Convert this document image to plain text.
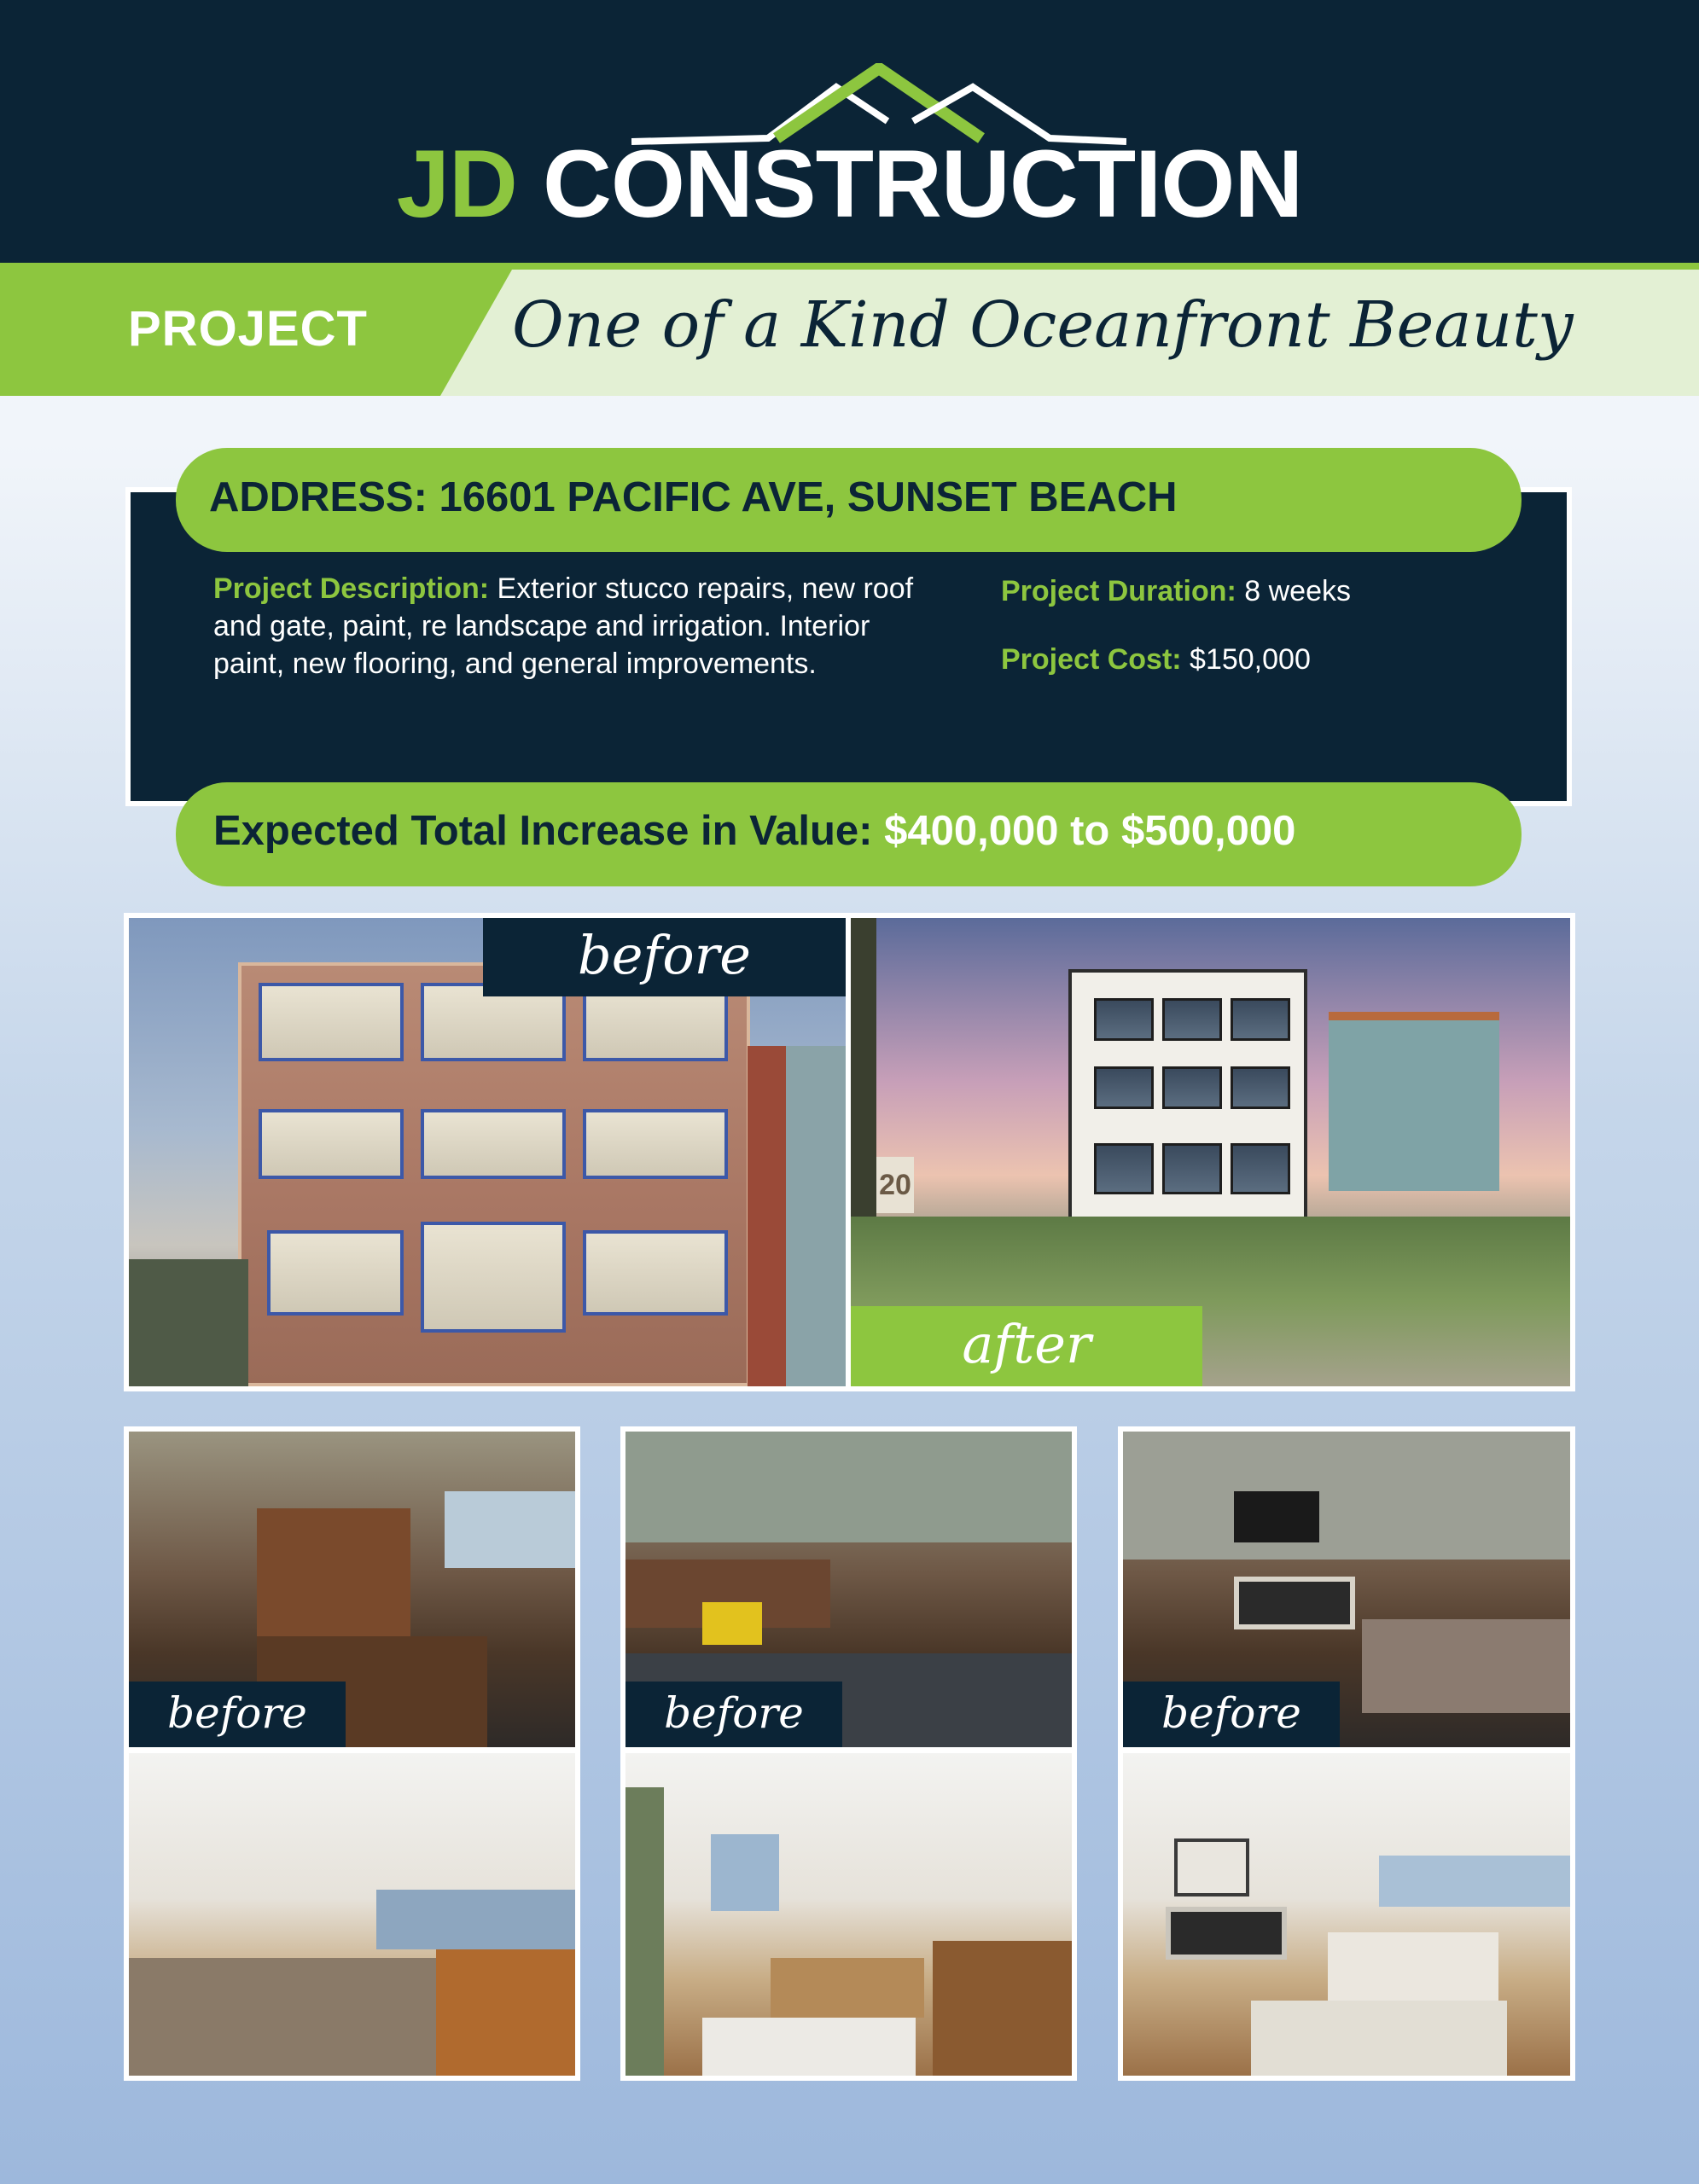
JD CONSTRUCTION
PROJECT One of a Kind Oceanfront Beauty
ADDRESS: 16601 PACIFIC AVE, SUNSET BEACH
Project Description: Exterior stucco repairs, new roof and gate, paint, re landscape and irrigation. Interior paint, new flooring, and general improvements.
Project Duration: 8 weeks
Project Cost: $150,000
Expected Total Increase in Value: $400,000 to $500,000
before
20
after
before	before	before
